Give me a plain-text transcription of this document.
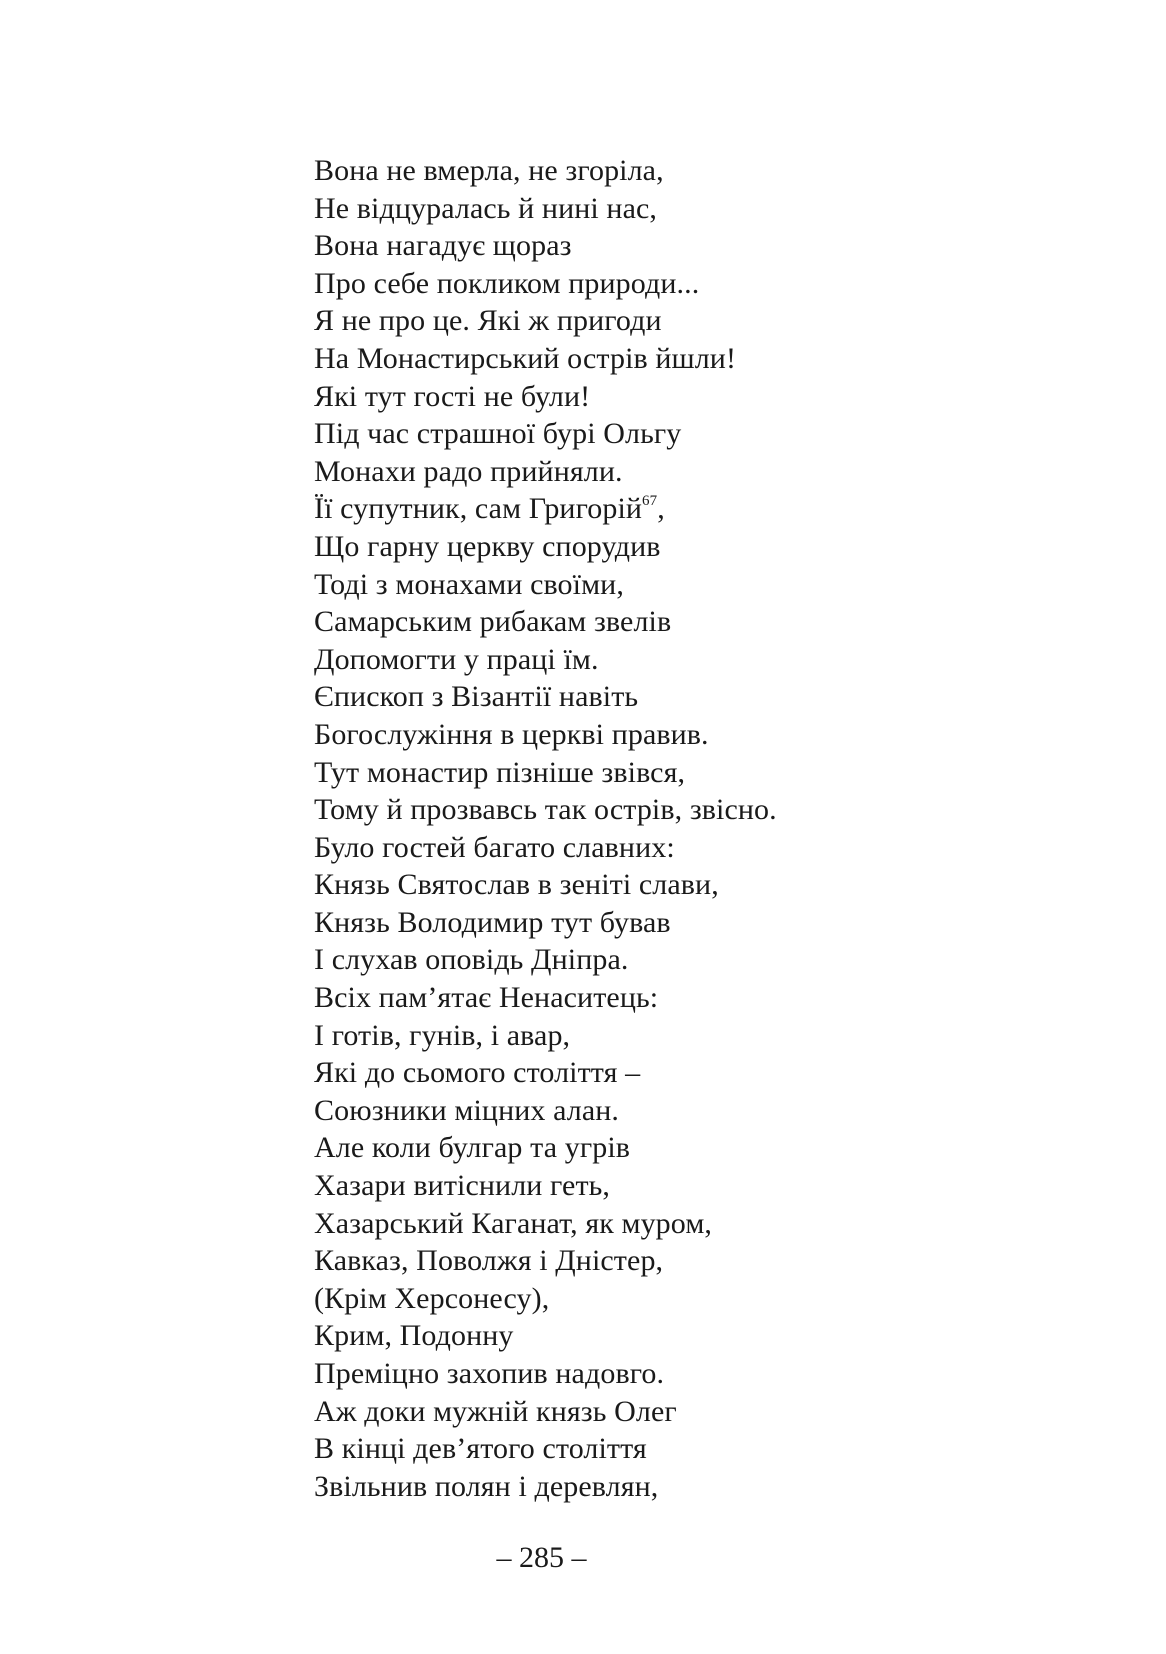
Вона не вмерла, не згоріла,
Не відцуралась й нині нас,
Вона нагадує щораз
Про себе покликом природи...
Я не про це. Які ж пригоди
На Монастирський острів йшли!
Які тут гості не були!
Під час страшної бурі Ольгу
Монахи радо прийняли.
Її супутник, сам Григорій$^{67}$,
Що гарну церкву спорудив
Тоді з монахами своїми,
Самарським рибакам звелів
Допомогти у праці їм.
Єпископ з Візантії навіть
Богослужіння в церкві правив.
Тут монастир пізніше звівся,
Тому й прозвавсь так острів, звісно.
Було гостей багато славних:
Князь Святослав в зеніті слави,
Князь Володимир тут бував
І слухав оповідь Дніпра.
Всіх пам’ятає Ненаситець:
І готів, гунів, і авар,
Які до сьомого століття –
Союзники міцних алан.
Але коли булгар та угрів
Хазари витіснили геть,
Хазарський Каганат, як муром,
Кавказ, Поволжя і Дністер,
(Крім Херсонесу),
Крим, Подонну
Преміцно захопив надовго.
Аж доки мужній князь Олег
В кінці дев’ятого століття
Звільнив полян і деревлян,
– 285 –
